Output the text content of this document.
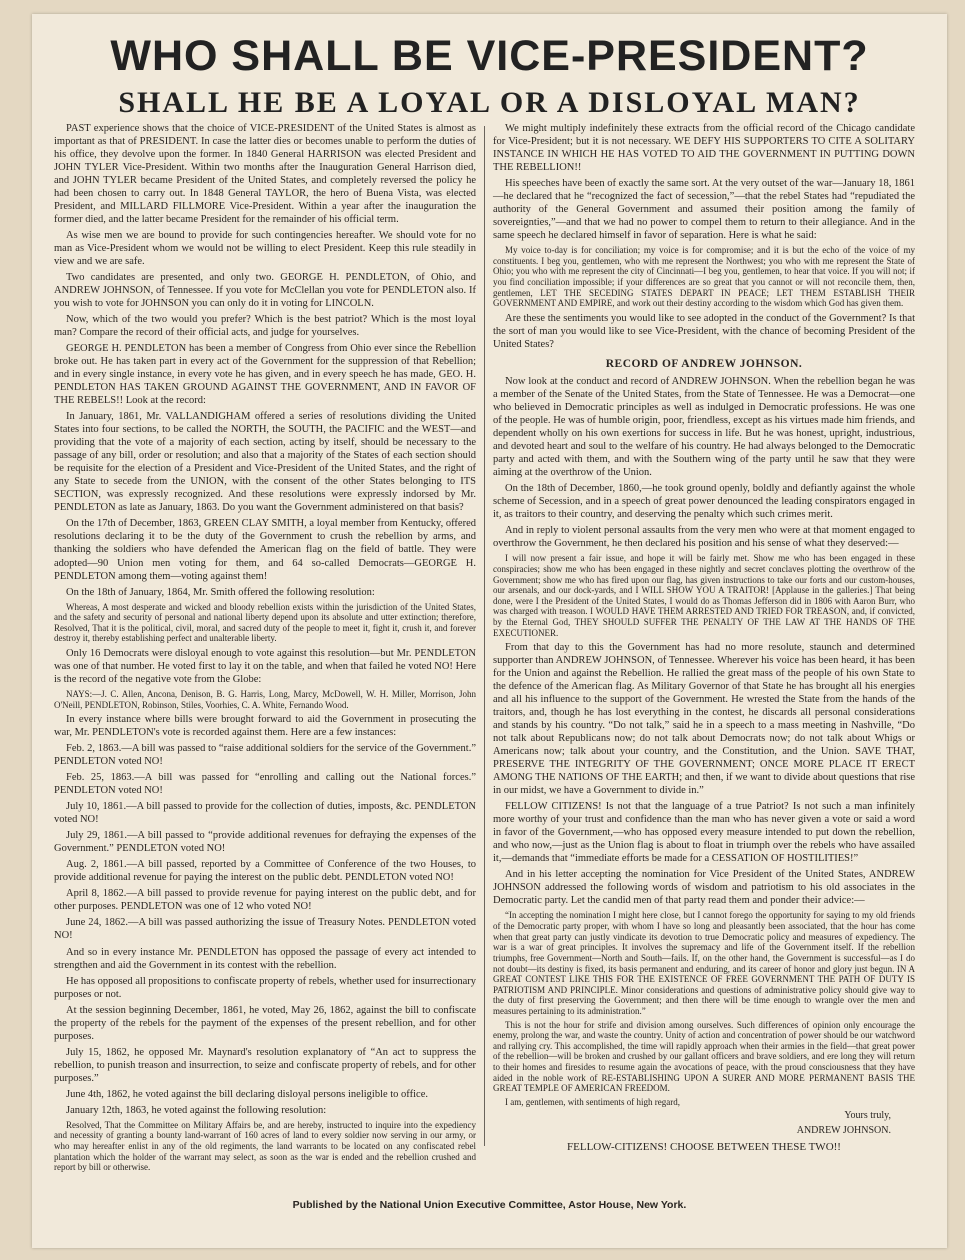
WHO SHALL BE VICE-PRESIDENT?
SHALL HE BE A LOYAL OR A DISLOYAL MAN?

PAST experience shows that the choice of VICE-PRESIDENT of the United States is almost as important as that of PRESIDENT. In case the latter dies or becomes unable to perform the duties of his office, they devolve upon the former. In 1840 General HARRISON was elected President and JOHN TYLER Vice-President. Within two months after the Inauguration General Harrison died, and JOHN TYLER became President of the United States, and completely reversed the policy he had been chosen to carry out. In 1848 General TAYLOR, the hero of Buena Vista, was elected President, and MILLARD FILLMORE Vice-President. Within a year after the inauguration the former died, and the latter became President for the remainder of his official term.

As wise men we are bound to provide for such contingencies hereafter. We should vote for no man as Vice-President whom we would not be willing to elect President. Keep this rule steadily in view and we are safe.

Two candidates are presented, and only two. GEORGE H. PENDLETON, of Ohio, and ANDREW JOHNSON, of Tennessee. If you vote for McClellan you vote for PENDLETON also. If you wish to vote for JOHNSON you can only do it in voting for LINCOLN.

Now, which of the two would you prefer? Which is the best patriot? Which is the most loyal man? Compare the record of their official acts, and judge for yourselves.

GEORGE H. PENDLETON has been a member of Congress from Ohio ever since the Rebellion broke out. He has taken part in every act of the Government for the suppression of that Rebellion; and in every single instance, in every vote he has given, and in every speech he has made, GEO. H. PENDLETON HAS TAKEN GROUND AGAINST THE GOVERNMENT, AND IN FAVOR OF THE REBELS!! Look at the record:

In January, 1861, Mr. VALLANDIGHAM offered a series of resolutions dividing the United States into four sections, to be called the NORTH, the SOUTH, the PACIFIC and the WEST—and providing that the vote of a majority of each section, acting by itself, should be necessary to the passage of any bill, order or resolution; and also that a majority of the States of each section should be requisite for the election of a President and Vice-President of the United States, and the right of any State to secede from the UNION, with the consent of the other States belonging to ITS SECTION, was expressly recognized. And these resolutions were expressly indorsed by Mr. PENDLETON as late as January, 1863. Do you want the Government administered on that basis?

On the 17th of December, 1863, GREEN CLAY SMITH, a loyal member from Kentucky, offered resolutions declaring it to be the duty of the Government to crush the rebellion by arms, and thanking the soldiers who have defended the American flag on the field of battle. They were adopted—90 Union men voting for them, and 64 so-called Democrats—GEORGE H. PENDLETON among them—voting against them!

On the 18th of January, 1864, Mr. Smith offered the following resolution:

Whereas, A most desperate and wicked and bloody rebellion exists within the jurisdiction of the United States, and the safety and security of personal and national liberty depend upon its absolute and utter extinction; therefore, Resolved, That it is the political, civil, moral, and sacred duty of the people to meet it, fight it, crush it, and forever destroy it, thereby establishing perfect and unalterable liberty.

Only 16 Democrats were disloyal enough to vote against this resolution—but Mr. PENDLETON was one of that number. He voted first to lay it on the table, and when that failed he voted NO! Here is the record of the negative vote from the Globe:

NAYS:—J. C. Allen, Ancona, Denison, B. G. Harris, Long, Marcy, McDowell, W. H. Miller, Morrison, John O'Neill, PENDLETON, Robinson, Stiles, Voorhies, C. A. White, Fernando Wood.

In every instance where bills were brought forward to aid the Government in prosecuting the war, Mr. PENDLETON's vote is recorded against them. Here are a few instances:

Feb. 2, 1863.—A bill was passed to “raise additional soldiers for the service of the Government.” PENDLETON voted NO!

Feb. 25, 1863.—A bill was passed for “enrolling and calling out the National forces.” PENDLETON voted NO!

July 10, 1861.—A bill passed to provide for the collection of duties, imposts, &c. PENDLETON voted NO!

July 29, 1861.—A bill passed to “provide additional revenues for defraying the expenses of the Government.” PENDLETON voted NO!

Aug. 2, 1861.—A bill passed, reported by a Committee of Conference of the two Houses, to provide additional revenue for paying the interest on the public debt. PENDLETON voted NO!

April 8, 1862.—A bill passed to provide revenue for paying interest on the public debt, and for other purposes. PENDLETON was one of 12 who voted NO!

June 24, 1862.—A bill was passed authorizing the issue of Treasury Notes. PENDLETON voted NO!

And so in every instance Mr. PENDLETON has opposed the passage of every act intended to strengthen and aid the Government in its contest with the rebellion.

He has opposed all propositions to confiscate property of rebels, whether used for insurrectionary purposes or not.

At the session beginning December, 1861, he voted, May 26, 1862, against the bill to confiscate the property of the rebels for the payment of the expenses of the present rebellion, and for other purposes.

July 15, 1862, he opposed Mr. Maynard's resolution explanatory of “An act to suppress the rebellion, to punish treason and insurrection, to seize and confiscate property of rebels, and for other purposes.”

June 4th, 1862, he voted against the bill declaring disloyal persons ineligible to office.

January 12th, 1863, he voted against the following resolution:

Resolved, That the Committee on Military Affairs be, and are hereby, instructed to inquire into the expediency and necessity of granting a bounty land-warrant of 160 acres of land to every soldier now serving in our army, or who may hereafter enlist in any of the old regiments, the land warrants to be located on any confiscated rebel plantation which the holder of the warrant may select, as soon as the war is ended and the rebellion crushed and report by bill or otherwise.

We might multiply indefinitely these extracts from the official record of the Chicago candidate for Vice-President; but it is not necessary. WE DEFY HIS SUPPORTERS TO CITE A SOLITARY INSTANCE IN WHICH HE HAS VOTED TO AID THE GOVERNMENT IN PUTTING DOWN THE REBELLION!!

His speeches have been of exactly the same sort. At the very outset of the war—January 18, 1861—he declared that he “recognized the fact of secession,”—that the rebel States had “repudiated the authority of the General Government and assumed their position among the family of sovereignties,”—and that we had no power to compel them to return to their allegiance. And in the same speech he declared himself in favor of separation. Here is what he said:

My voice to-day is for conciliation; my voice is for compromise; and it is but the echo of the voice of my constituents. I beg you, gentlemen, who with me represent the Northwest; you who with me represent the State of Ohio; you who with me represent the city of Cincinnati—I beg you, gentlemen, to hear that voice. If you will not; if you find conciliation impossible; if your differences are so great that you cannot or will not reconcile them, then, gentlemen, LET THE SECEDING STATES DEPART IN PEACE; LET THEM ESTABLISH THEIR GOVERNMENT AND EMPIRE, and work out their destiny according to the wisdom which God has given them.

Are these the sentiments you would like to see adopted in the conduct of the Government? Is that the sort of man you would like to see Vice-President, with the chance of becoming President of the United States?

RECORD OF ANDREW JOHNSON.

Now look at the conduct and record of ANDREW JOHNSON. When the rebellion began he was a member of the Senate of the United States, from the State of Tennessee. He was a Democrat—one who believed in Democratic principles as well as indulged in Democratic professions. He was one of the people. He was of humble origin, poor, friendless, except as his virtues made him friends, and dependent wholly on his own exertions for success in life. But he was honest, upright, industrious, and devoted heart and soul to the welfare of his country. He had always belonged to the Democratic party and acted with them, and with the Southern wing of the party until he saw that they were aiming at the overthrow of the Union.

On the 18th of December, 1860,—he took ground openly, boldly and defiantly against the whole scheme of Secession, and in a speech of great power denounced the leading conspirators engaged in it, as traitors to their country, and deserving the penalty which such crimes merit.

And in reply to violent personal assaults from the very men who were at that moment engaged to overthrow the Government, he then declared his position and his sense of what they deserved:—

I will now present a fair issue, and hope it will be fairly met. Show me who has been engaged in these conspiracies; show me who has been engaged in these nightly and secret conclaves plotting the overthrow of the Government; show me who has fired upon our flag, has given instructions to take our forts and our custom-houses, our arsenals, and our dock-yards, and I WILL SHOW YOU A TRAITOR! [Applause in the galleries.] That being done, were I the President of the United States, I would do as Thomas Jefferson did in 1806 with Aaron Burr, who was charged with treason. I WOULD HAVE THEM ARRESTED AND TRIED FOR TREASON, and, if convicted, by the Eternal God, THEY SHOULD SUFFER THE PENALTY OF THE LAW AT THE HANDS OF THE EXECUTIONER.

From that day to this the Government has had no more resolute, staunch and determined supporter than ANDREW JOHNSON, of Tennessee. Wherever his voice has been heard, it has been for the Union and against the Rebellion. He rallied the great mass of the people of his own State to the defence of the American flag. As Military Governor of that State he has brought all his energies and all his influence to the support of the Government. He wrested the State from the hands of the traitors, and, though he has lost everything in the contest, he discards all personal considerations and stands by his country. “Do not talk,” said he in a speech to a mass meeting in Nashville, “Do not talk about Republicans now; do not talk about Democrats now; do not talk about Whigs or Americans now; talk about your country, and the Constitution, and the Union. SAVE THAT, PRESERVE THE INTEGRITY OF THE GOVERNMENT; ONCE MORE PLACE IT ERECT AMONG THE NATIONS OF THE EARTH; and then, if we want to divide about questions that rise in our midst, we have a Government to divide in.”

FELLOW CITIZENS! Is not that the language of a true Patriot? Is not such a man infinitely more worthy of your trust and confidence than the man who has never given a vote or said a word in favor of the Government,—who has opposed every measure intended to put down the rebellion, and who now,—just as the Union flag is about to float in triumph over the rebels who have assailed it,—demands that “immediate efforts be made for a CESSATION OF HOSTILITIES!”

And in his letter accepting the nomination for Vice President of the United States, ANDREW JOHNSON addressed the following words of wisdom and patriotism to his old associates in the Democratic party. Let the candid men of that party read them and ponder their advice:—

“In accepting the nomination I might here close, but I cannot forego the opportunity for saying to my old friends of the Democratic party proper, with whom I have so long and pleasantly been associated, that the hour has come when that great party can justly vindicate its devotion to true Democratic policy and measures of expediency. The war is a war of great principles. It involves the supremacy and life of the Government itself. If the rebellion triumphs, free Government—North and South—fails. If, on the other hand, the Government is successful—as I do not doubt—its destiny is fixed, its basis permanent and enduring, and its career of honor and glory just begun. IN A GREAT CONTEST LIKE THIS FOR THE EXISTENCE OF FREE GOVERNMENT THE PATH OF DUTY IS PATRIOTISM AND PRINCIPLE. Minor considerations and questions of administrative policy should give way to the duty of first preserving the Government; and then there will be time enough to wrangle over the men and measures pertaining to its administration.”

This is not the hour for strife and division among ourselves. Such differences of opinion only encourage the enemy, prolong the war, and waste the country. Unity of action and concentration of power should be our watchword and rallying cry. This accomplished, the time will rapidly approach when their armies in the field—that great power of the rebellion—will be broken and crushed by our gallant officers and brave soldiers, and ere long they will return to their homes and firesides to resume again the avocations of peace, with the proud consciousness that they have aided in the noble work of RE-ESTABLISHING UPON A SURER AND MORE PERMANENT BASIS THE GREAT TEMPLE OF AMERICAN FREEDOM.

I am, gentlemen, with sentiments of high regard,

Yours truly,
ANDREW JOHNSON.
FELLOW-CITIZENS! CHOOSE BETWEEN THESE TWO!!
Published by the National Union Executive Committee, Astor House, New York.
